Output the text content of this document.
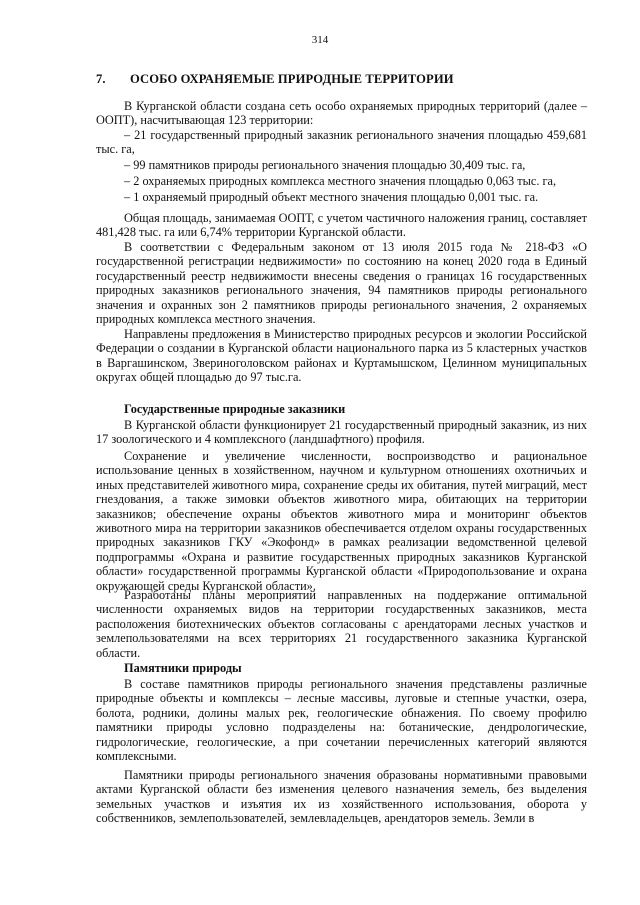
314

7. ОСОБО ОХРАНЯЕМЫЕ ПРИРОДНЫЕ ТЕРРИТОРИИ

В Курганской области создана сеть особо охраняемых природных территорий (далее – ООПТ), насчитывающая 123 территории:

– 21 государственный природный заказник регионального значения площадью 459,681 тыс. га,

– 99 памятников природы регионального значения площадью 30,409 тыс. га,

– 2 охраняемых природных комплекса местного значения площадью 0,063 тыс. га,

– 1 охраняемый природный объект местного значения площадью 0,001 тыс. га.

Общая площадь, занимаемая ООПТ, с учетом частичного наложения границ, составляет 481,428 тыс. га или 6,74% территории Курганской области.

В соответствии с Федеральным законом от 13 июля 2015 года № 218-ФЗ «О государственной регистрации недвижимости» по состоянию на конец 2020 года в Единый государственный реестр недвижимости внесены сведения о границах 16 государственных природных заказников регионального значения, 94 памятников природы регионального значения и охранных зон 2 памятников природы регионального значения, 2 охраняемых природных комплекса местного значения.

Направлены предложения в Министерство природных ресурсов и экологии Российской Федерации о создании в Курганской области национального парка из 5 кластерных участков в Варгашинском, Звериноголовском районах и Куртамышском, Целинном муниципальных округах общей площадью до 97 тыс.га.

Государственные природные заказники

В Курганской области функционирует 21 государственный природный заказник, из них 17 зоологического и 4 комплексного (ландшафтного) профиля.

Сохранение и увеличение численности, воспроизводство и рациональное использование ценных в хозяйственном, научном и культурном отношениях охотничьих и иных представителей животного мира, сохранение среды их обитания, путей миграций, мест гнездования, а также зимовки объектов животного мира, обитающих на территории заказников; обеспечение охраны объектов животного мира и мониторинг объектов животного мира на территории заказников обеспечивается отделом охраны государственных природных заказников ГКУ «Экофонд» в рамках реализации ведомственной целевой подпрограммы «Охрана и развитие государственных природных заказников Курганской области» государственной программы Курганской области «Природопользование и охрана окружающей среды Курганской области».

Разработаны планы мероприятий направленных на поддержание оптимальной численности охраняемых видов на территории государственных заказников, места расположения биотехнических объектов согласованы с арендаторами лесных участков и землепользователями на всех территориях 21 государственного заказника Курганской области.

Памятники природы

В составе памятников природы регионального значения представлены различные природные объекты и комплексы – лесные массивы, луговые и степные участки, озера, болота, родники, долины малых рек, геологические обнажения. По своему профилю памятники природы условно подразделены на: ботанические, дендрологические, гидрологические, геологические, а при сочетании перечисленных категорий являются комплексными.

Памятники природы регионального значения образованы нормативными правовыми актами Курганской области без изменения целевого назначения земель, без выделения земельных участков и изъятия их из хозяйственного использования, оборота у собственников, землепользователей, землевладельцев, арендаторов земель. Земли в
